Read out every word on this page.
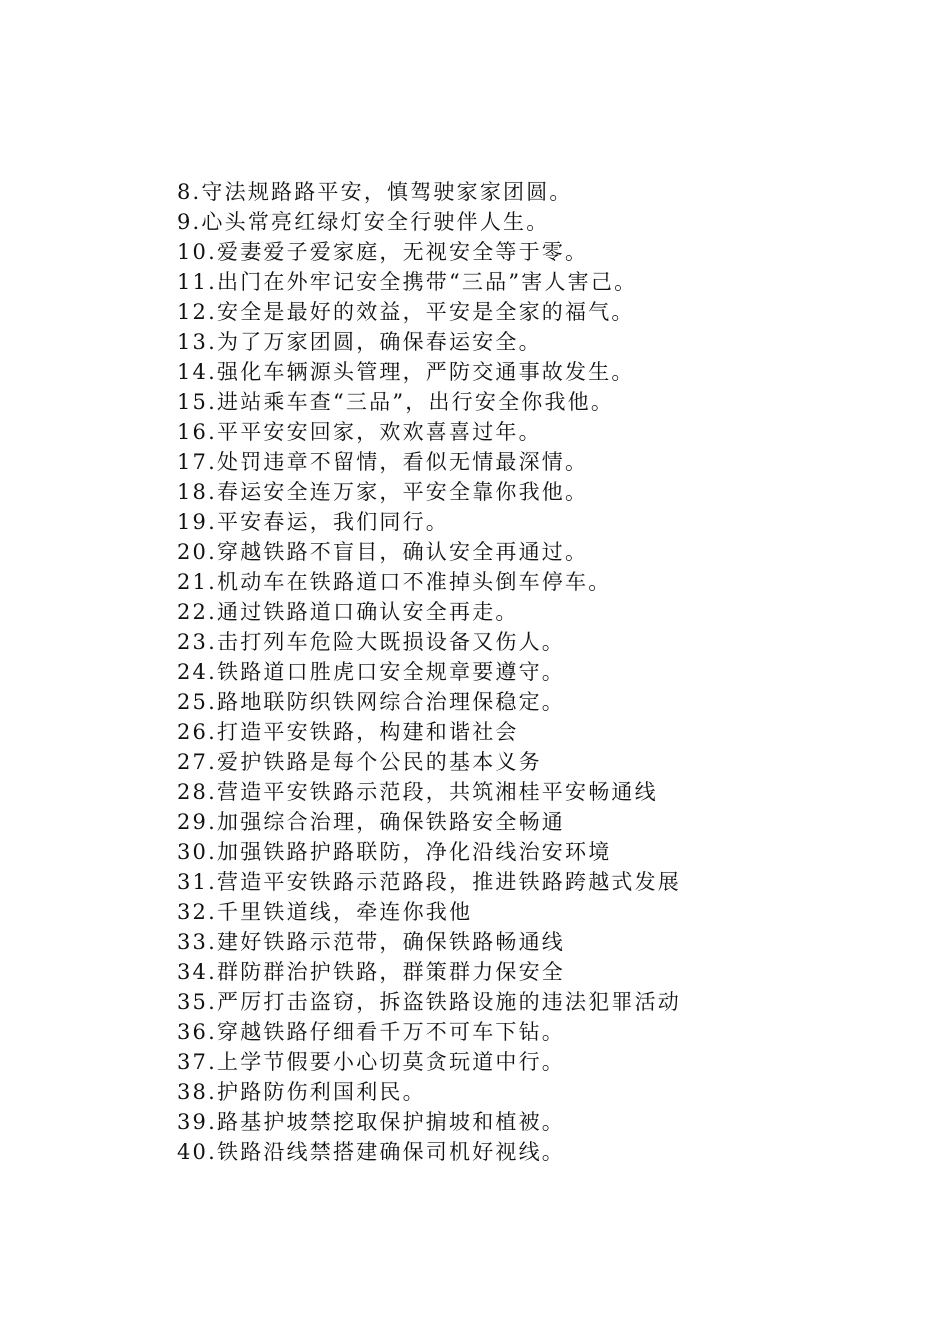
8.守法规路路平安，慎驾驶家家团圆。
9.心头常亮红绿灯安全行驶伴人生。
10.爱妻爱子爱家庭，无视安全等于零。
11.出门在外牢记安全携带“三品”害人害己。
12.安全是最好的效益，平安是全家的福气。
13.为了万家团圆，确保春运安全。
14.强化车辆源头管理，严防交通事故发生。
15.进站乘车查“三品”，出行安全你我他。
16.平平安安回家，欢欢喜喜过年。
17.处罚违章不留情，看似无情最深情。
18.春运安全连万家，平安全靠你我他。
19.平安春运，我们同行。
20.穿越铁路不盲目，确认安全再通过。
21.机动车在铁路道口不准掉头倒车停车。
22.通过铁路道口确认安全再走。
23.击打列车危险大既损设备又伤人。
24.铁路道口胜虎口安全规章要遵守。
25.路地联防织铁网综合治理保稳定。
26.打造平安铁路，构建和谐社会
27.爱护铁路是每个公民的基本义务
28.营造平安铁路示范段，共筑湘桂平安畅通线
29.加强综合治理，确保铁路安全畅通
30.加强铁路护路联防，净化沿线治安环境
31.营造平安铁路示范路段，推进铁路跨越式发展
32.千里铁道线，牵连你我他
33.建好铁路示范带，确保铁路畅通线
34.群防群治护铁路，群策群力保安全
35.严厉打击盗窃，拆盗铁路设施的违法犯罪活动
36.穿越铁路仔细看千万不可车下钻。
37.上学节假要小心切莫贪玩道中行。
38.护路防伤利国利民。
39.路基护坡禁挖取保护掮坡和植被。
40.铁路沿线禁搭建确保司机好视线。
